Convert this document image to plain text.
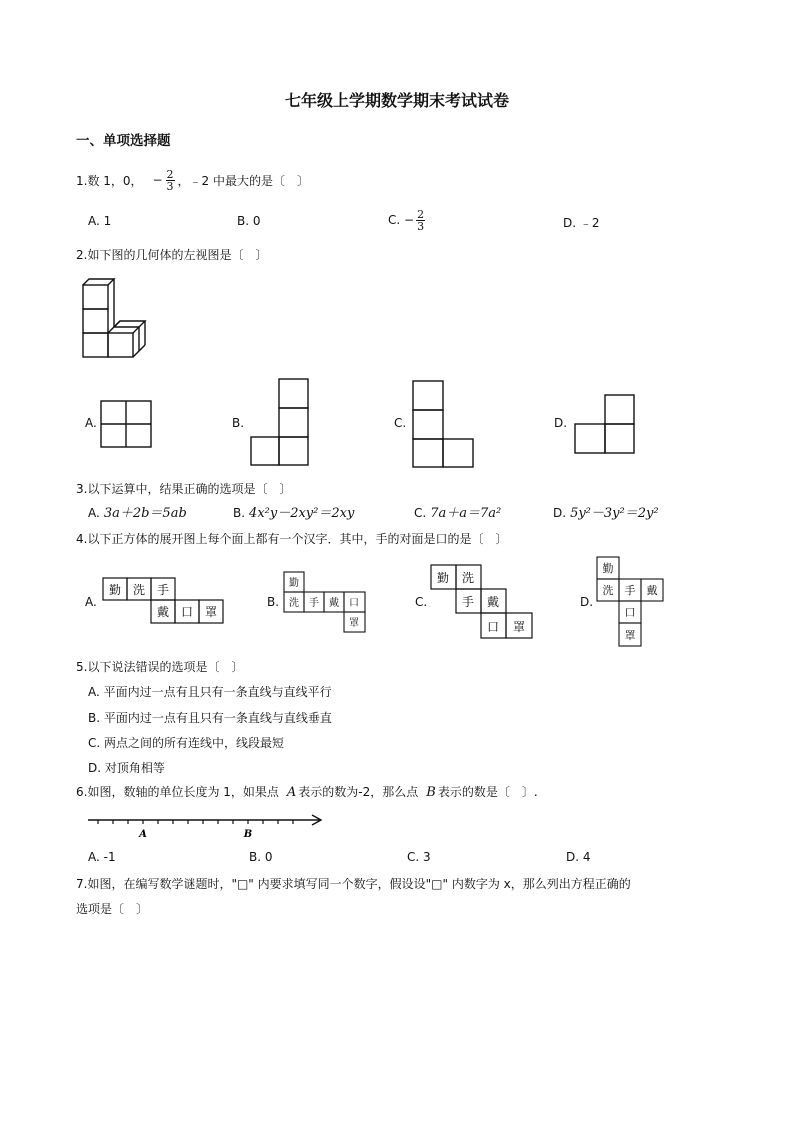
七年级上学期数学期末考试试卷
一、单项选择题
1.数 1，0， − $\frac{2}{3}$ ，﹣2 中最大的是〔　〕
A. 1	B. 0	C. − $\frac{2}{3}$	D. ﹣2
2.如下图的几何体的左视图是〔　〕
A.	B.	C.	D.
3.以下运算中，结果正确的选项是〔　〕
A. 3a＋2b＝5ab	B. 4x²y－2xy²＝2xy	C. 7a＋a＝7a²	D. 5y²－3y²＝2y²
4.以下正方体的展开图上每个面上都有一个汉字．其中，手的对面是口的是〔　〕
A.
勤 洗 手
戴 口 罩
B.
勤
洗 手 戴 口
罩
C.
勤 洗
手 戴
口 罩
D.
勤
洗 手 戴
口
罩
5.以下说法错误的选项是〔　〕
A. 平面内过一点有且只有一条直线与直线平行
B. 平面内过一点有且只有一条直线与直线垂直
C. 两点之间的所有连线中，线段最短
D. 对顶角相等
6.如图，数轴的单位长度为 1，如果点 A 表示的数为-2，那么点 B 表示的数是〔　〕.
A	B
A. -1	B. 0	C. 3	D. 4
7.如图，在编写数学谜题时，"□" 内要求填写同一个数字，假设设"□" 内数字为 x，那么列出方程正确的
选项是〔　〕
